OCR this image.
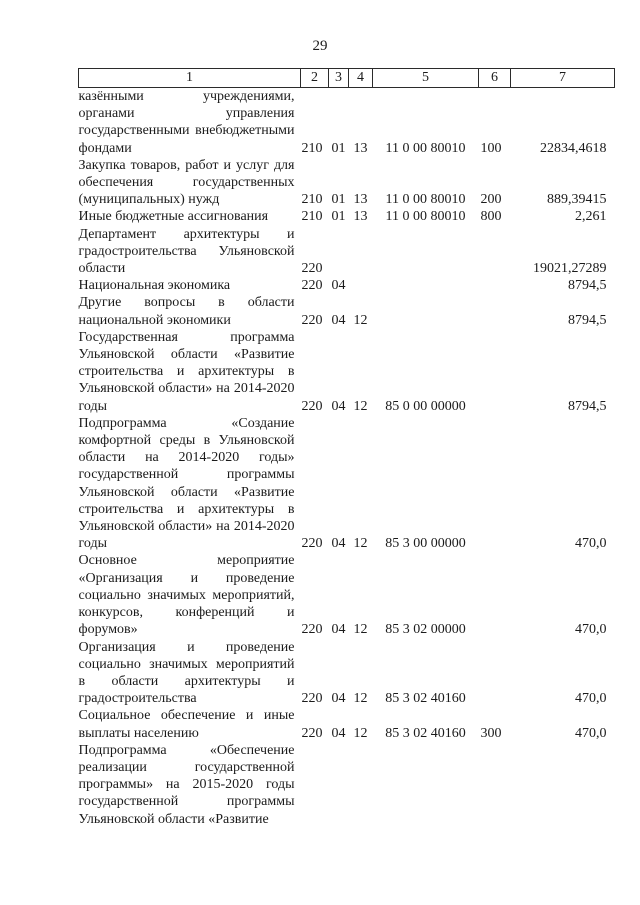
29
1	2	3	4	5	6	7
казёнными учреждениями, органами управления государственными внебюджетными фондами	210	01	13	11 0 00 80010	100	22834,4618
Закупка товаров, работ и услуг для обеспечения государственных (муниципальных) нужд	210	01	13	11 0 00 80010	200	889,39415
Иные бюджетные ассигнования	210	01	13	11 0 00 80010	800	2,261
Департамент архитектуры и градостроительства Ульяновской области	220					19021,27289
Национальная экономика	220	04				8794,5
Другие вопросы в области национальной экономики	220	04	12			8794,5
Государственная программа Ульяновской области «Развитие строительства и архитектуры в Ульяновской области» на 2014-2020 годы	220	04	12	85 0 00 00000		8794,5
Подпрограмма «Создание комфортной среды в Ульяновской области на 2014-2020 годы» государственной программы Ульяновской области «Развитие строительства и архитектуры в Ульяновской области» на 2014-2020 годы	220	04	12	85 3 00 00000		470,0
Основное мероприятие «Организация и проведение социально значимых мероприятий, конкурсов, конференций и форумов»	220	04	12	85 3 02 00000		470,0
Организация и проведение социально значимых мероприятий в области архитектуры и градостроительства	220	04	12	85 3 02 40160		470,0
Социальное обеспечение и иные выплаты населению	220	04	12	85 3 02 40160	300	470,0
Подпрограмма «Обеспечение реализации государственной программы» на 2015-2020 годы государственной программы Ульяновской области «Развитие						
